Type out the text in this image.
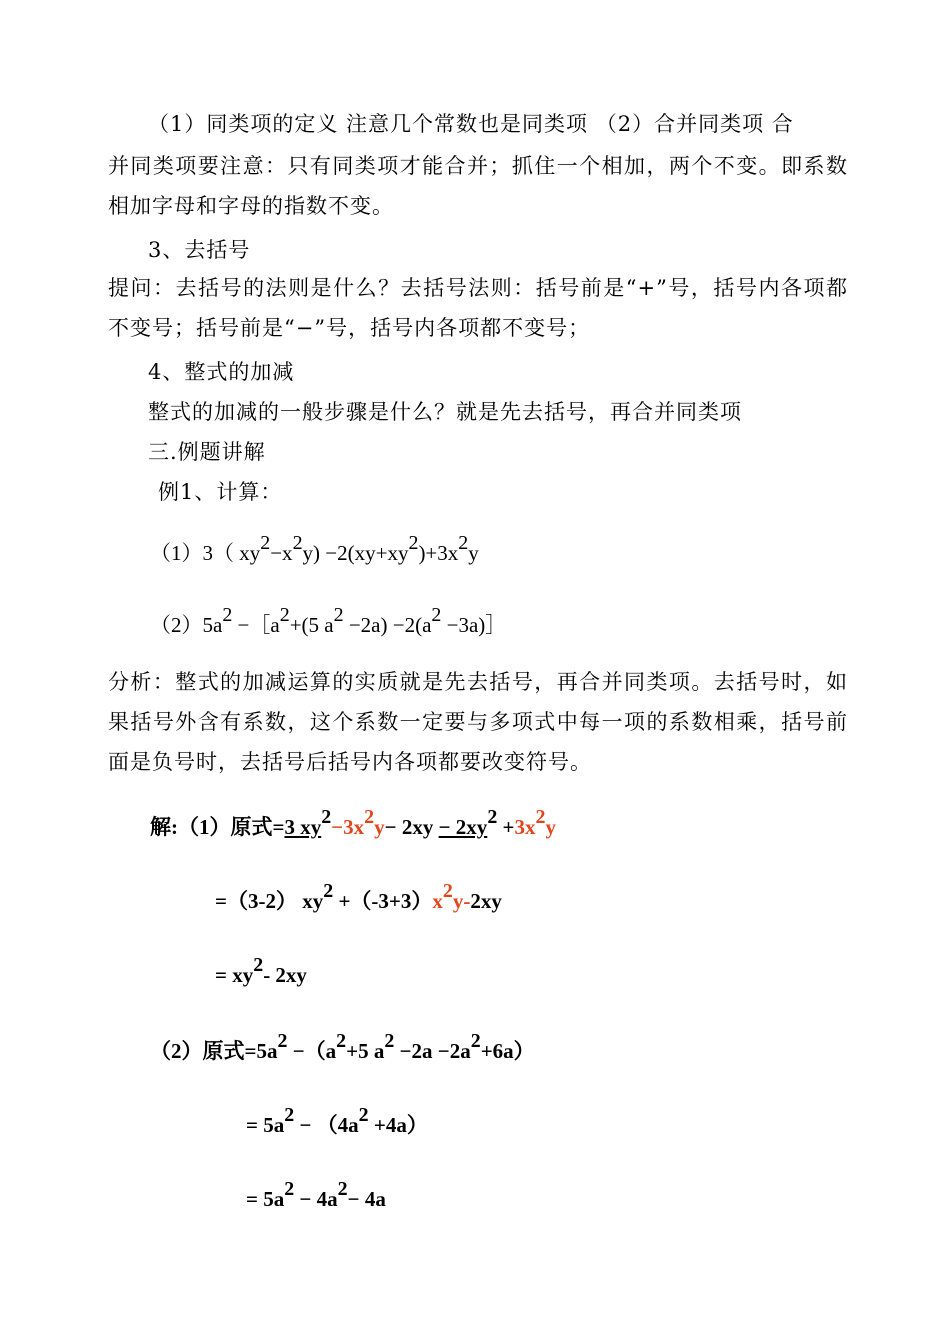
（1）同类项的定义 注意几个常数也是同类项 （2）合并同类项 合
并同类项要注意：只有同类项才能合并；抓住一个相加，两个不变。即系数相加字母和字母的指数不变。
3、去括号
提问：去括号的法则是什么？去括号法则：括号前是“+”号，括号内各项都不变号；括号前是“−”号，括号内各项都不变号；
4、整式的加减
整式的加减的一般步骤是什么？就是先去括号，再合并同类项
三.例题讲解
例1、计算：
（1）3（ $xy^2-x^2y) -2(xy+xy^2)+3x^2y$
$(2)5a^2$ $-[a^2+(5$ $a^2 -2a) -2(a^2$ −3a)］
分析：整式的加减运算的实质就是先去括号，再合并同类项。去括号时，如果括号外含有系数，这个系数一定要与多项式中每一项的系数相乘，括号前面是负号时，去括号后括号内各项都要改变符号。
解:（1）原式=3 $xy^2-3x^2y- 2xy - 2xy^2 +3x^2y$
=（3-2） $xy^2 +(-3+3)x^2y-2xy$
= $xy^2-$ 2xy
（2）原式$=5a^2 -(a^2+5$ $a^2 -2a -2a^2+6a$）
= $5a^2 - (4a^2 +4a)$
= $5a^2 - 4a^2- 4a$
